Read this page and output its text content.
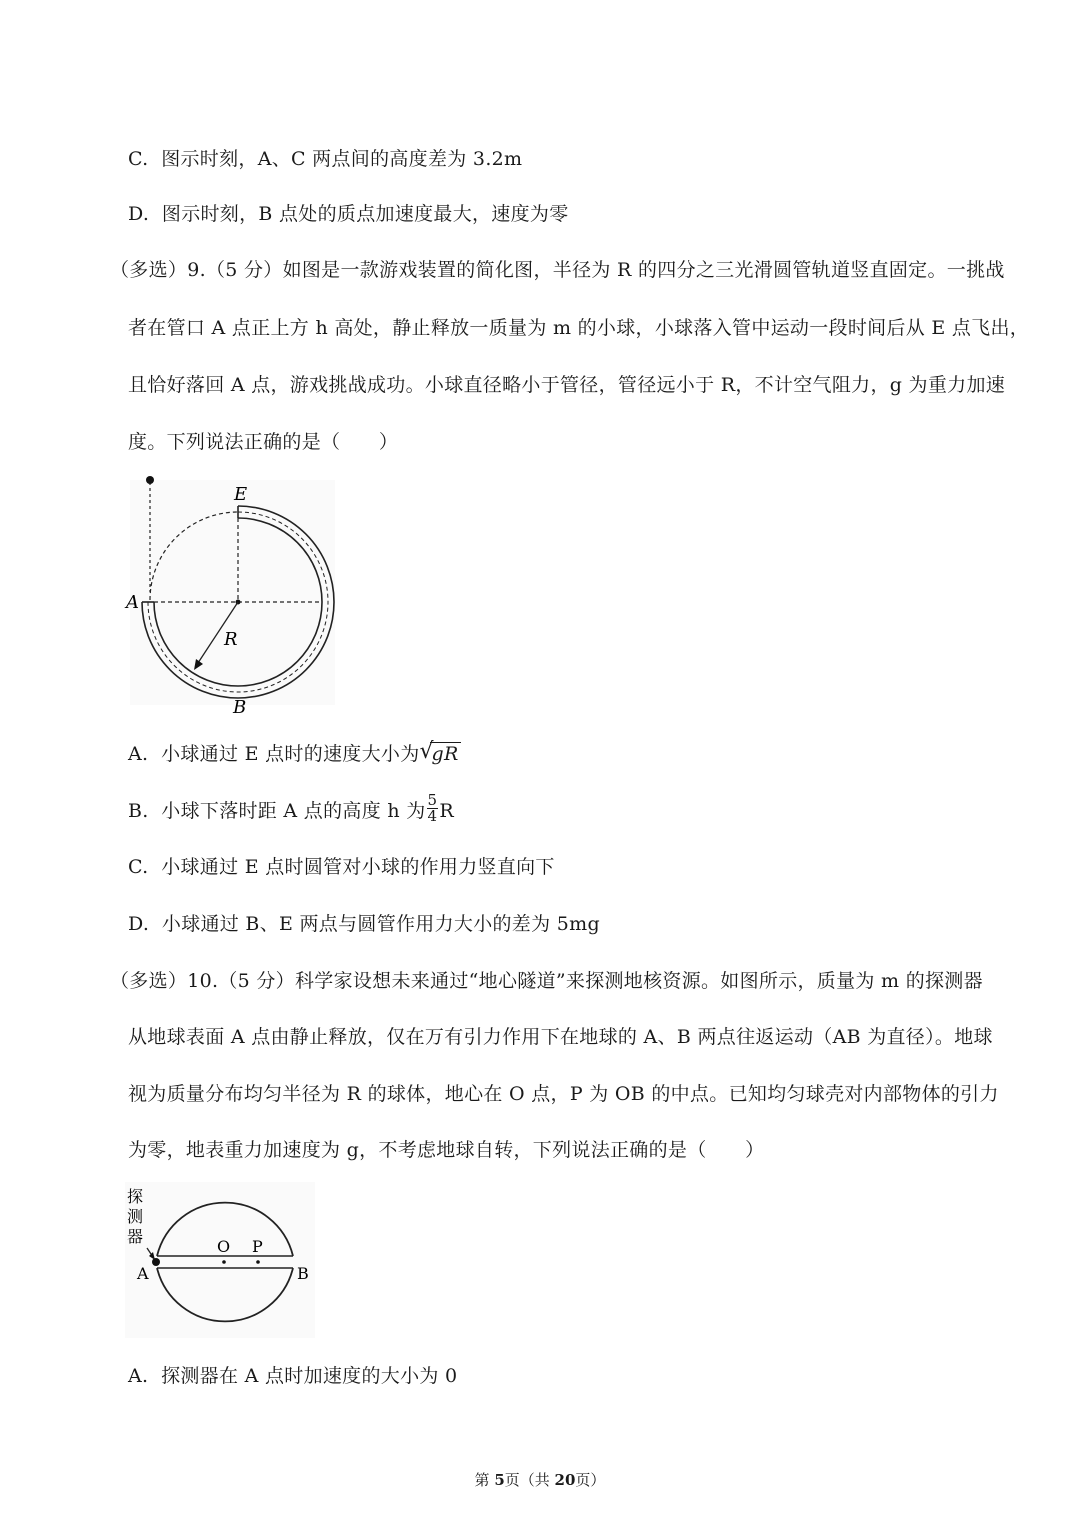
C. 图示时刻，A、C 两点间的高度差为 3.2m
D. 图示时刻，B 点处的质点加速度最大，速度为零
（多选）9.（5 分）如图是一款游戏装置的简化图，半径为 R 的四分之三光滑圆管轨道竖直固定。一挑战
者在管口 A 点正上方 h 高处，静止释放一质量为 m 的小球，小球落入管中运动一段时间后从 E 点飞出，
且恰好落回 A 点，游戏挑战成功。小球直径略小于管径，管径远小于 R，不计空气阻力，g 为重力加速
度。下列说法正确的是（　　）
E
A
R
B
A. 小球通过 E 点时的速度大小为 √
gR
B. 小球下落时距 A 点的高度 h 为 $\frac{5}{4}$ R
C. 小球通过 E 点时圆管对小球的作用力竖直向下
D. 小球通过 B、E 两点与圆管作用力大小的差为 5mg
（多选）10.（5 分）科学家设想未来通过“地心隧道”来探测地核资源。如图所示，质量为 m 的探测器
从地球表面 A 点由静止释放，仅在万有引力作用下在地球的 A、B 两点往返运动（AB 为直径）。地球
视为质量分布均匀半径为 R 的球体，地心在 O 点，P 为 OB 的中点。已知均匀球壳对内部物体的引力
为零，地表重力加速度为 g，不考虑地球自转，下列说法正确的是（　　）
探
测
器
O P
A	B
A. 探测器在 A 点时加速度的大小为 0
第 5页（共 20页）
